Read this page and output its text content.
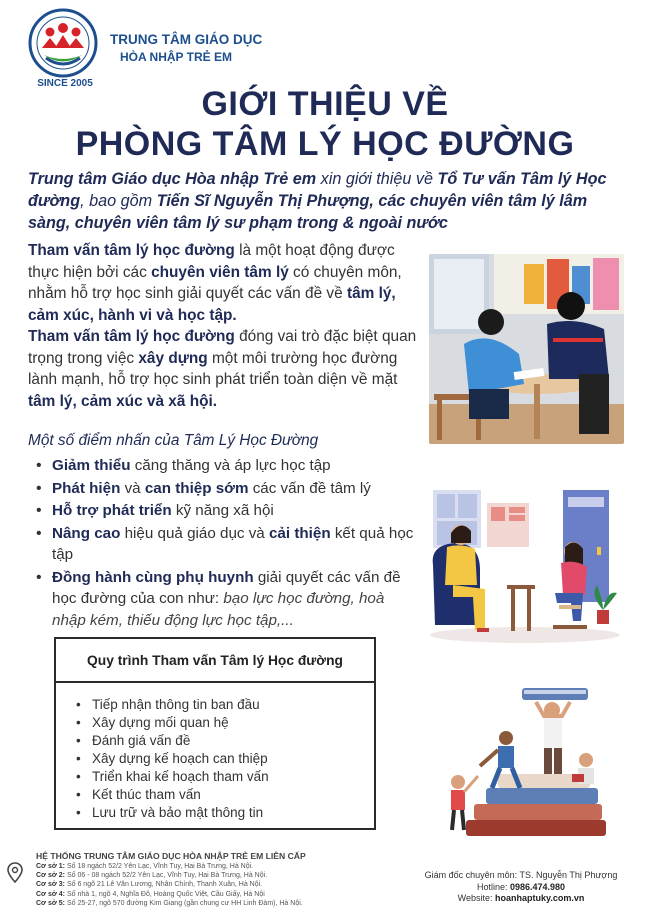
SINCE 2005
TRUNG TÂM GIÁO DỤC
HÒA NHẬP TRẺ EM
GIỚI THIỆU VỀ
PHÒNG TÂM LÝ HỌC ĐƯỜNG

Trung tâm Giáo dục Hòa nhập Trẻ em xin giới thiệu về Tổ Tư vấn Tâm lý Học đường, bao gồm Tiến Sĩ Nguyễn Thị Phượng, các chuyên viên tâm lý lâm sàng, chuyên viên tâm lý sư phạm trong & ngoài nước

Tham vấn tâm lý học đường là một hoạt động được thực hiện bởi các chuyên viên tâm lý có chuyên môn, nhằm hỗ trợ học sinh giải quyết các vấn đề về tâm lý, cảm xúc, hành vi và học tập.

Tham vấn tâm lý học đường đóng vai trò đặc biệt quan trọng trong việc xây dựng một môi trường học đường lành mạnh, hỗ trợ học sinh phát triển toàn diện về mặt tâm lý, cảm xúc và xã hội.

Một số điểm nhấn của Tâm Lý Học Đường
• Giảm thiểu căng thăng và áp lực học tập
• Phát hiện và can thiệp sớm các vấn đề tâm lý
• Hỗ trợ phát triển kỹ năng xã hội
• Nâng cao hiệu quả giáo dục và cải thiện kết quả học tập
• Đồng hành cùng phụ huynh giải quyết các vấn đề học đường của con như: bạo lực học đường, hoà nhập kém, thiếu động lực học tập,...
Quy trình Tham vấn Tâm lý Học đường
• Tiếp nhận thông tin ban đầu
• Xây dựng mối quan hệ
• Đánh giá vấn đề
• Xây dựng kế hoạch can thiệp
• Triển khai kế hoạch tham vấn
• Kết thúc tham vấn
• Lưu trữ và bảo mật thông tin
HỆ THỐNG TRUNG TÂM GIÁO DỤC HÒA NHẬP TRẺ EM LIÊN CẤP
Cơ sở 1: Số 18 ngách 52/2 Yên Lạc, Vĩnh Tuy, Hai Bà Trưng, Hà Nội.
Cơ sở 2: Số 06 - 08 ngách 52/2 Yên Lạc, Vĩnh Tuy, Hai Bà Trưng, Hà Nội.
Cơ sở 3: Số 6 ngõ 21 Lê Văn Lương, Nhân Chính, Thanh Xuân, Hà Nội.
Cơ sở 4: Số nhà 1, ngõ 4, Nghĩa Đô, Hoàng Quốc Việt, Cầu Giấy, Hà Nội
Cơ sở 5: Số 25-27, ngõ 570 đường Kim Giang (gần chung cư HH Linh Đàm), Hà Nội.
Giám đốc chuyên môn: TS. Nguyễn Thị Phượng
Hotline: 0986.474.980
Website: hoanhaptuky.com.vn
